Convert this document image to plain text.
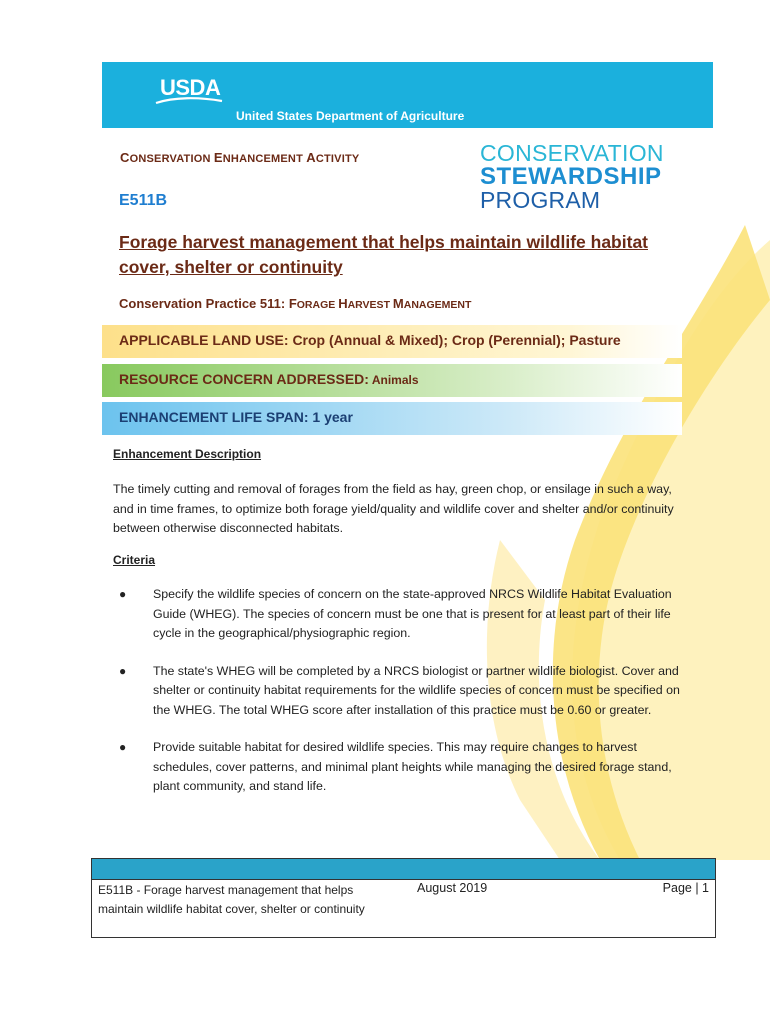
USDA
United States Department of Agriculture
CONSERVATION ENHANCEMENT ACTIVITY
E511B
CONSERVATION
STEWARDSHIP
PROGRAM
Forage harvest management that helps maintain wildlife habitat cover, shelter or continuity
Conservation Practice 511: FORAGE HARVEST MANAGEMENT
APPLICABLE LAND USE: Crop (Annual & Mixed); Crop (Perennial); Pasture
RESOURCE CONCERN ADDRESSED: Animals
ENHANCEMENT LIFE SPAN: 1 year
Enhancement Description
The timely cutting and removal of forages from the field as hay, green chop, or ensilage in such a way, and in time frames, to optimize both forage yield/quality and wildlife cover and shelter and/or continuity between otherwise disconnected habitats.
Criteria
● Specify the wildlife species of concern on the state-approved NRCS Wildlife Habitat Evaluation Guide (WHEG). The species of concern must be one that is present for at least part of their life cycle in the geographical/physiographic region.
● The state's WHEG will be completed by a NRCS biologist or partner wildlife biologist. Cover and shelter or continuity habitat requirements for the wildlife species of concern must be specified on the WHEG. The total WHEG score after installation of this practice must be 0.60 or greater.
● Provide suitable habitat for desired wildlife species. This may require changes to harvest schedules, cover patterns, and minimal plant heights while managing the desired forage stand, plant community, and stand life.
E511B - Forage harvest management that helps maintain wildlife habitat cover, shelter or continuity
August 2019	Page | 1
